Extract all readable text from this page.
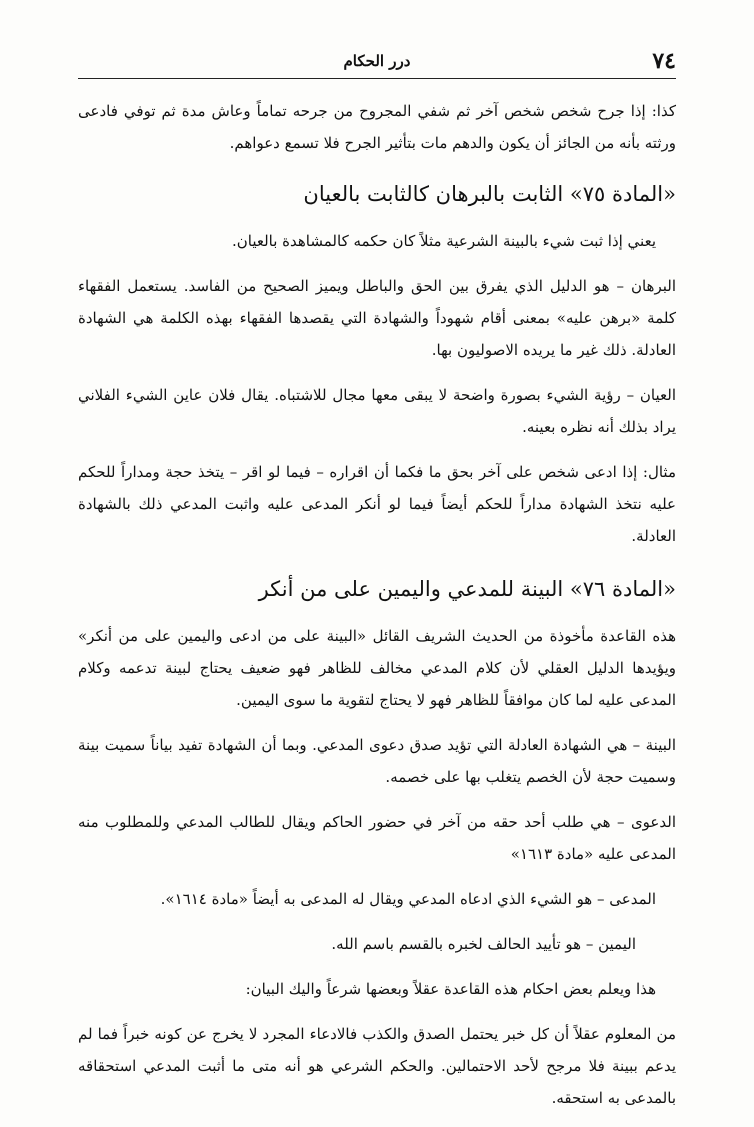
٧٤
درر الحكام

كذا: إذا جرح شخص شخص آخر ثم شفي المجروح من جرحه تماماً وعاش مدة ثم توفي فادعى ورثته بأنه من الجائز أن يكون والدهم مات بتأثير الجرح فلا تسمع دعواهم.

«المادة ٧٥» الثابت بالبرهان كالثابت بالعيان

يعني إذا ثبت شيء بالبينة الشرعية مثلاً كان حكمه كالمشاهدة بالعيان.

البرهان – هو الدليل الذي يفرق بين الحق والباطل ويميز الصحيح من الفاسد. يستعمل الفقهاء كلمة «برهن عليه» بمعنى أقام شهوداً والشهادة التي يقصدها الفقهاء بهذه الكلمة هي الشهادة العادلة. ذلك غير ما يريده الاصوليون بها.

العيان – رؤية الشيء بصورة واضحة لا يبقى معها مجال للاشتباه. يقال فلان عاين الشيء الفلاني يراد بذلك أنه نظره بعينه.

مثال: إذا ادعى شخص على آخر بحق ما فكما أن اقراره – فيما لو اقر – يتخذ حجة ومداراً للحكم عليه نتخذ الشهادة مداراً للحكم أيضاً فيما لو أنكر المدعى عليه واثبت المدعي ذلك بالشهادة العادلة.

«المادة ٧٦» البينة للمدعي واليمين على من أنكر

هذه القاعدة مأخوذة من الحديث الشريف القائل «البينة على من ادعى واليمين على من أنكر» ويؤيدها الدليل العقلي لأن كلام المدعي مخالف للظاهر فهو ضعيف يحتاج لبينة تدعمه وكلام المدعى عليه لما كان موافقاً للظاهر فهو لا يحتاج لتقوية ما سوى اليمين.

البينة – هي الشهادة العادلة التي تؤيد صدق دعوى المدعي. وبما أن الشهادة تفيد بياناً سميت بينة وسميت حجة لأن الخصم يتغلب بها على خصمه.

الدعوى – هي طلب أحد حقه من آخر في حضور الحاكم ويقال للطالب المدعي وللمطلوب منه المدعى عليه «مادة ١٦١٣»

المدعى – هو الشيء الذي ادعاه المدعي ويقال له المدعى به أيضاً «مادة ١٦١٤».

اليمين – هو تأييد الحالف لخبره بالقسم باسم الله.

هذا ويعلم بعض احكام هذه القاعدة عقلاً وبعضها شرعاً واليك البيان:

من المعلوم عقلاً أن كل خبر يحتمل الصدق والكذب فالادعاء المجرد لا يخرج عن كونه خبراً فما لم يدعم ببينة فلا مرجح لأحد الاحتمالين. والحكم الشرعي هو أنه متى ما أثبت المدعي استحقاقه بالمدعى به استحقه.
